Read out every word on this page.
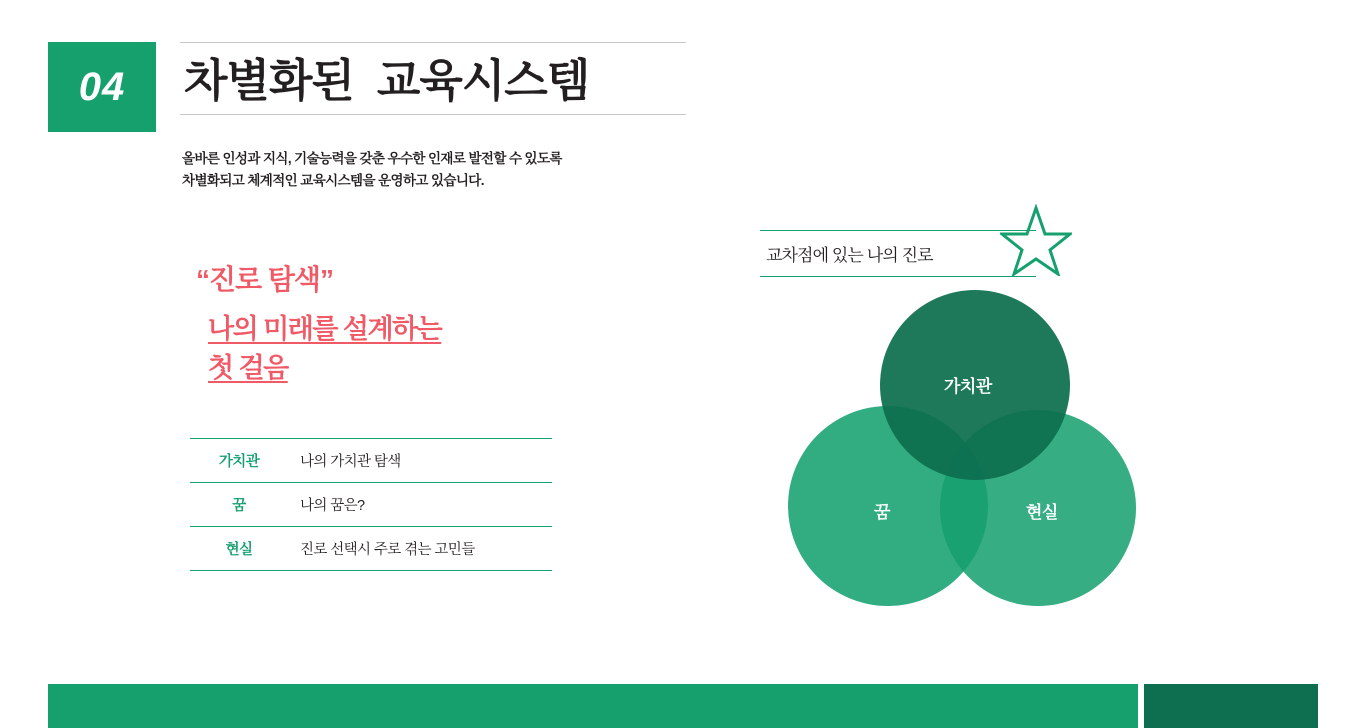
04	차별화된  교육시스템
올바른 인성과 지식, 기술능력을 갖춘 우수한 인재로 발전할 수 있도록
차별화되고 체계적인 교육시스템을 운영하고 있습니다.
“진로 탐색”
나의 미래를 설계하는
첫 걸음
가치관	나의 가치관 탐색
꿈	나의 꿈은?
현실	진로 선택시 주로 겪는 고민들
교차점에 있는 나의 진로
가치관
꿈	현실
